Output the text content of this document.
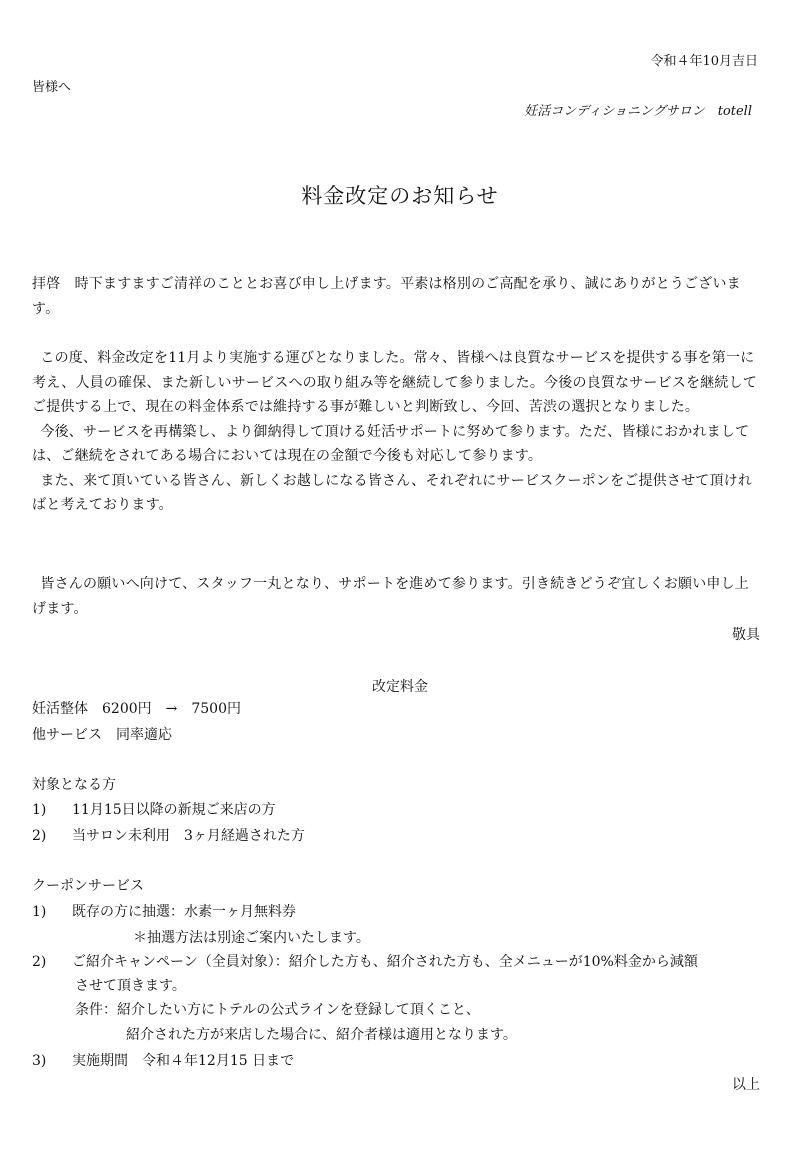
令和４年10月吉日
皆様へ
妊活コンディショニングサロン　totell
料金改定のお知らせ
拝啓　時下ますますご清祥のこととお喜び申し上げます。平素は格別のご高配を承り、誠にありがとうございます。
この度、料金改定を11月より実施する運びとなりました。常々、皆様へは良質なサービスを提供する事を第一に考え、人員の確保、また新しいサービスへの取り組み等を継続して参りました。今後の良質なサービスを継続してご提供する上で、現在の料金体系では維持する事が難しいと判断致し、今回、苦渋の選択となりました。
今後、サービスを再構築し、より御納得して頂ける妊活サポートに努めて参ります。ただ、皆様におかれましては、ご継続をされてある場合においては現在の金額で今後も対応して参ります。
また、来て頂いている皆さん、新しくお越しになる皆さん、それぞれにサービスクーポンをご提供させて頂ければと考えております。
皆さんの願いへ向けて、スタッフ一丸となり、サポートを進めて参ります。引き続きどうぞ宜しくお願い申し上げます。
敬具
改定料金
妊活整体　6200円　→　7500円
他サービス　同率適応
対象となる方
1) 11月15日以降の新規ご来店の方
2) 当サロン未利用　3ヶ月経過された方
クーポンサービス
1) 既存の方に抽選：水素一ヶ月無料券
＊抽選方法は別途ご案内いたします。
2) ご紹介キャンペーン（全員対象）：紹介した方も、紹介された方も、全メニューが10%料金から減額
させて頂きます。
条件：紹介したい方にトテルの公式ラインを登録して頂くこと、
紹介された方が来店した場合に、紹介者様は適用となります。
3) 実施期間　令和４年12月15 日まで
以上
